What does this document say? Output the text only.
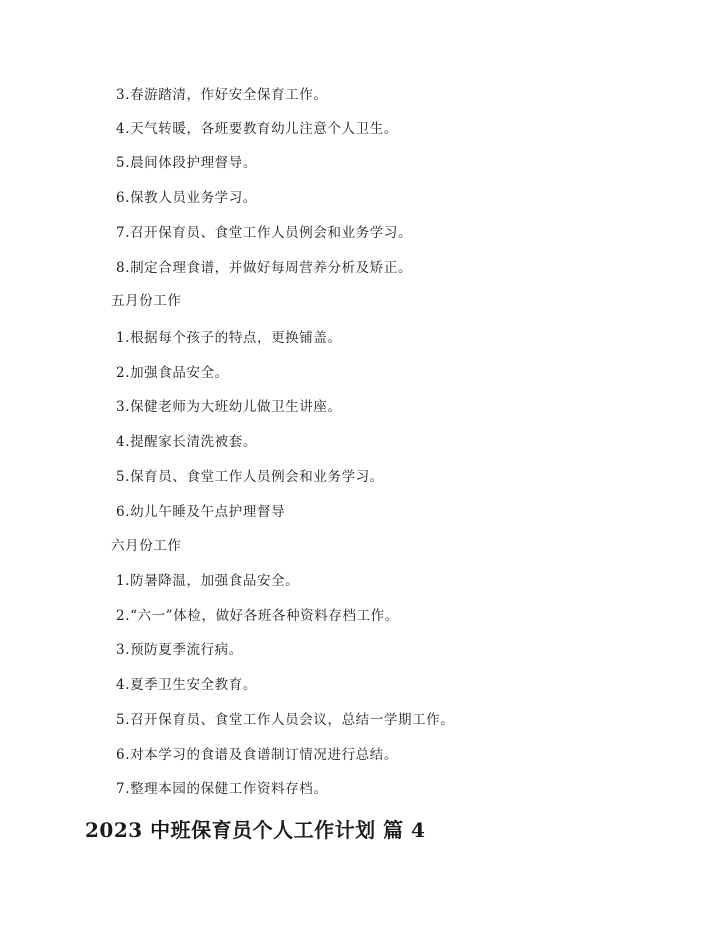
3.春游踏清，作好安全保育工作。
4.天气转暖，各班要教育幼儿注意个人卫生。
5.晨间体段护理督导。
6.保教人员业务学习。
7.召开保育员、食堂工作人员例会和业务学习。
8.制定合理食谱，并做好每周营养分析及矫正。
五月份工作
1.根据每个孩子的特点，更换铺盖。
2.加强食品安全。
3.保健老师为大班幼儿做卫生讲座。
4.提醒家长清洗被套。
5.保育员、食堂工作人员例会和业务学习。
6.幼儿午睡及午点护理督导
六月份工作
1.防暑降温，加强食品安全。
2.“六一”体检，做好各班各种资料存档工作。
3.预防夏季流行病。
4.夏季卫生安全教育。
5.召开保育员、食堂工作人员会议，总结一学期工作。
6.对本学习的食谱及食谱制订情况进行总结。
7.整理本园的保健工作资料存档。
2023 中班保育员个人工作计划 篇 4
